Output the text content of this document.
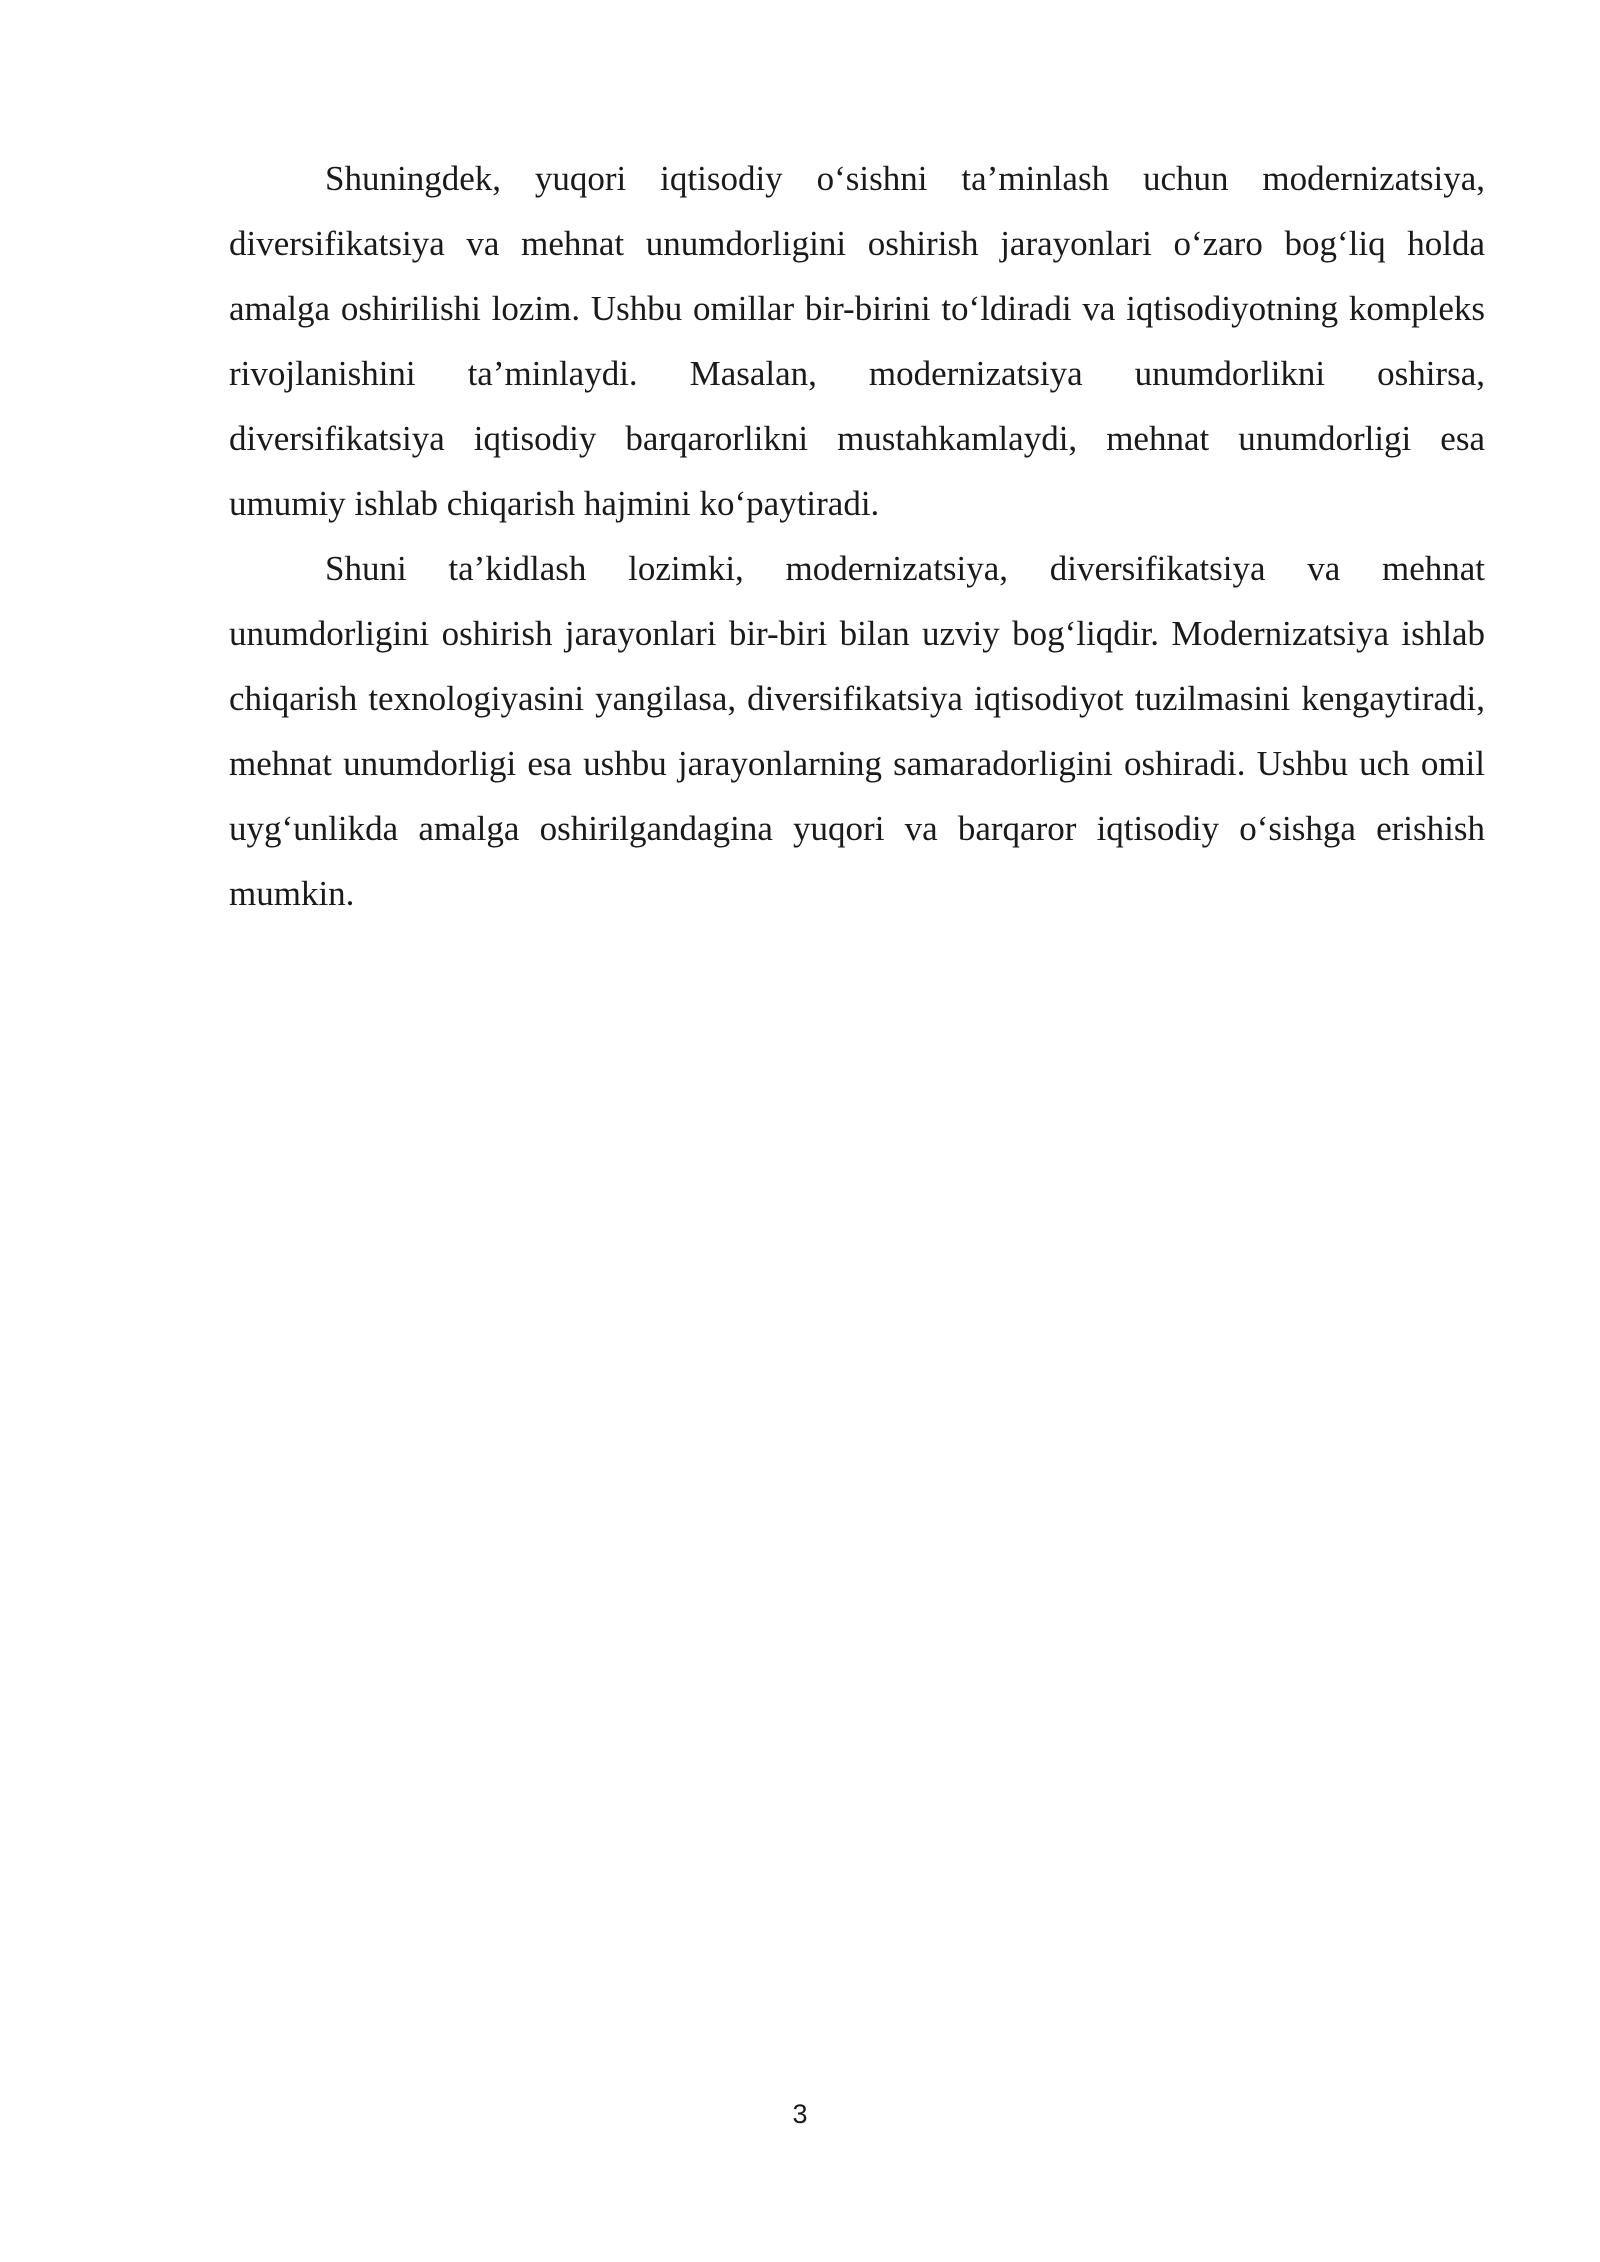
Shuningdek, yuqori iqtisodiy o‘sishni ta’minlash uchun modernizatsiya, diversifikatsiya va mehnat unumdorligini oshirish jarayonlari o‘zaro bog‘liq holda amalga oshirilishi lozim. Ushbu omillar bir-birini to‘ldiradi va iqtisodiyotning kompleks rivojlanishini ta’minlaydi. Masalan, modernizatsiya unumdorlikni oshirsa, diversifikatsiya iqtisodiy barqarorlikni mustahkamlaydi, mehnat unumdorligi esa umumiy ishlab chiqarish hajmini ko‘paytiradi.

Shuni ta’kidlash lozimki, modernizatsiya, diversifikatsiya va mehnat unumdorligini oshirish jarayonlari bir-biri bilan uzviy bog‘liqdir. Modernizatsiya ishlab chiqarish texnologiyasini yangilasa, diversifikatsiya iqtisodiyot tuzilmasini kengaytiradi, mehnat unumdorligi esa ushbu jarayonlarning samaradorligini oshiradi. Ushbu uch omil uyg‘unlikda amalga oshirilgandagina yuqori va barqaror iqtisodiy o‘sishga erishish mumkin.

3
